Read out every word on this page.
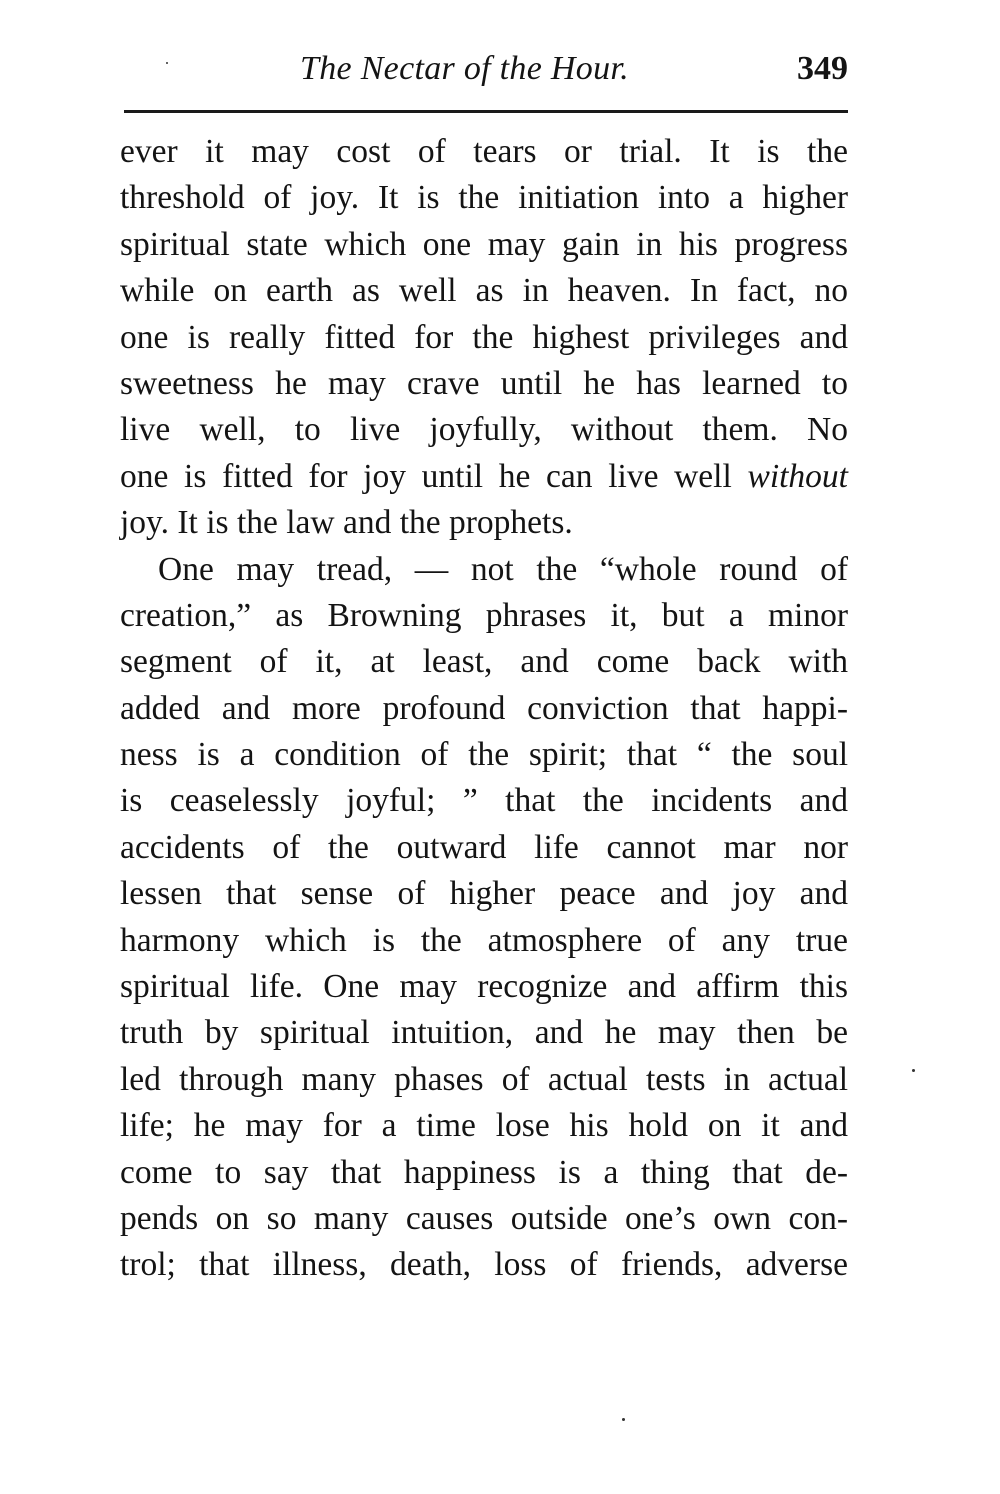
The Nectar of the Hour.	349
ever it may cost of tears or trial. It is the
threshold of joy. It is the initiation into a higher
spiritual state which one may gain in his progress
while on earth as well as in heaven. In fact, no
one is really fitted for the highest privileges and
sweetness he may crave until he has learned to
live well, to live joyfully, without them. No
one is fitted for joy until he can live well without
joy. It is the law and the prophets.
One may tread, — not the “whole round of
creation,” as Browning phrases it, but a minor
segment of it, at least, and come back with
added and more profound conviction that happi-
ness is a condition of the spirit; that “ the soul
is ceaselessly joyful; ” that the incidents and
accidents of the outward life cannot mar nor
lessen that sense of higher peace and joy and
harmony which is the atmosphere of any true
spiritual life. One may recognize and affirm this
truth by spiritual intuition, and he may then be
led through many phases of actual tests in actual
life; he may for a time lose his hold on it and
come to say that happiness is a thing that de-
pends on so many causes outside one’s own con-
trol; that illness, death, loss of friends, adverse
